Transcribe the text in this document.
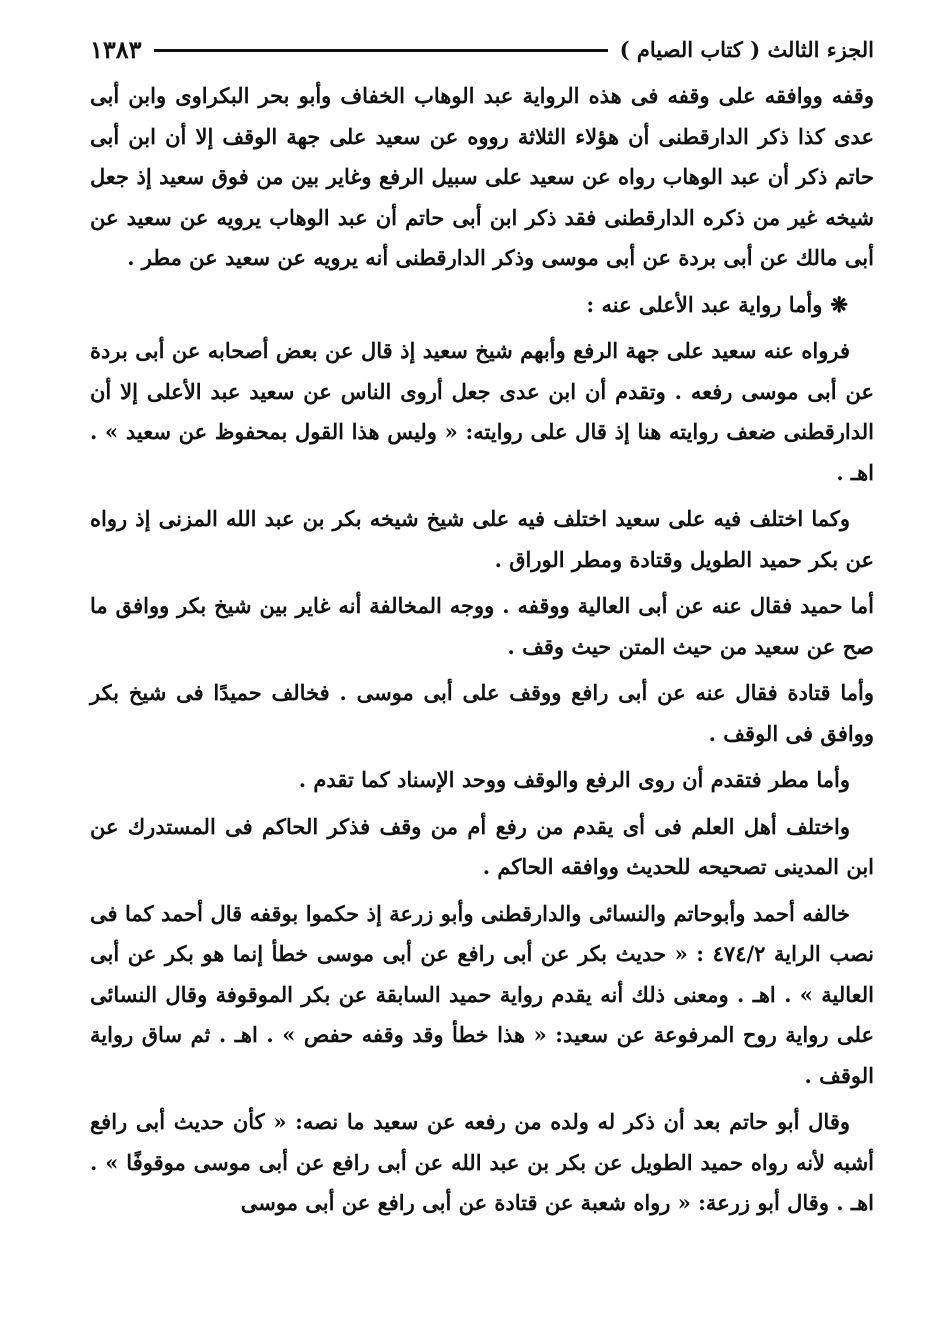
الجزء الثالث ( كتاب الصيام )
١٣٨٣

وقفه ووافقه على وقفه فى هذه الرواية عبد الوهاب الخفاف وأبو بحر البكراوى وابن أبى عدى كذا ذكر الدارقطنى أن هؤلاء الثلاثة رووه عن سعيد على جهة الوقف إلا أن ابن أبى حاتم ذكر أن عبد الوهاب رواه عن سعيد على سبيل الرفع وغاير بين من فوق سعيد إذ جعل شيخه غير من ذكره الدارقطنى فقد ذكر ابن أبى حاتم أن عبد الوهاب يرويه عن سعيد عن أبى مالك عن أبى بردة عن أبى موسى وذكر الدارقطنى أنه يرويه عن سعيد عن مطر .

❋وأما رواية عبد الأعلى عنه :

فرواه عنه سعيد على جهة الرفع وأبهم شيخ سعيد إذ قال عن بعض أصحابه عن أبى بردة عن أبى موسى رفعه . وتقدم أن ابن عدى جعل أروى الناس عن سعيد عبد الأعلى إلا أن الدارقطنى ضعف روايته هنا إذ قال على روايته: « وليس هذا القول بمحفوظ عن سعيد » . اهـ .

وكما اختلف فيه على سعيد اختلف فيه على شيخ شيخه بكر بن عبد الله المزنى إذ رواه عن بكر حميد الطويل وقتادة ومطر الوراق .

أما حميد فقال عنه عن أبى العالية ووقفه . ووجه المخالفة أنه غاير بين شيخ بكر ووافق ما صح عن سعيد من حيث المتن حيث وقف .

وأما قتادة فقال عنه عن أبى رافع ووقف على أبى موسى . فخالف حميدًا فى شيخ بكر ووافق فى الوقف .

وأما مطر فتقدم أن روى الرفع والوقف ووحد الإسناد كما تقدم .

واختلف أهل العلم فى أى يقدم من رفع أم من وقف فذكر الحاكم فى المستدرك عن ابن المدينى تصحيحه للحديث ووافقه الحاكم .

خالفه أحمد وأبوحاتم والنسائى والدارقطنى وأبو زرعة إذ حكموا بوقفه قال أحمد كما فى نصب الراية ٤٧٤/٢ : « حديث بكر عن أبى رافع عن أبى موسى خطأ إنما هو بكر عن أبى العالية » . اهـ . ومعنى ذلك أنه يقدم رواية حميد السابقة عن بكر الموقوفة وقال النسائى على رواية روح المرفوعة عن سعيد: « هذا خطأ وقد وقفه حفص » . اهـ . ثم ساق رواية الوقف .

وقال أبو حاتم بعد أن ذكر له ولده من رفعه عن سعيد ما نصه: « كأن حديث أبى رافع أشبه لأنه رواه حميد الطويل عن بكر بن عبد الله عن أبى رافع عن أبى موسى موقوفًا » . اهـ . وقال أبو زرعة: « رواه شعبة عن قتادة عن أبى رافع عن أبى موسى
